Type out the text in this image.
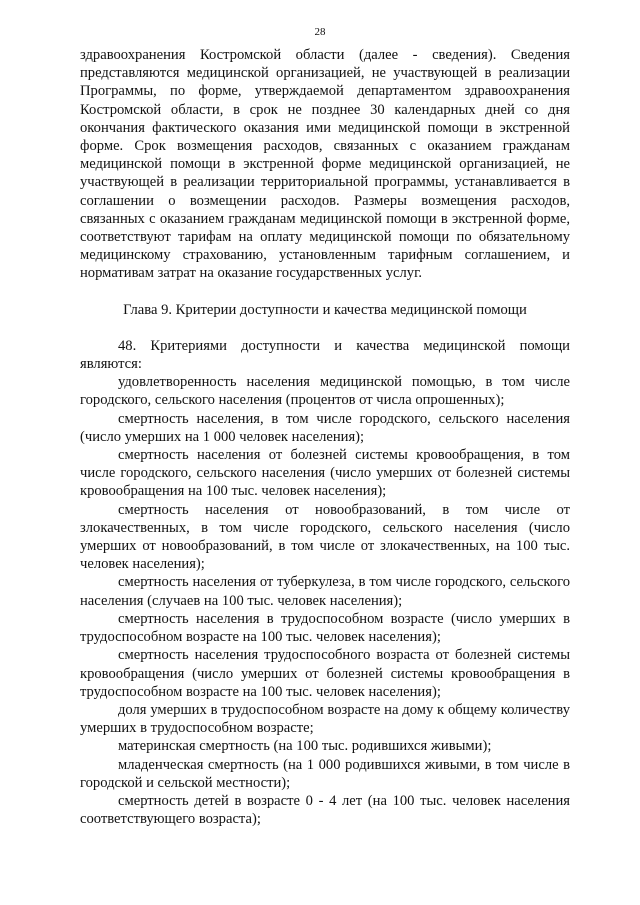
28

здравоохранения Костромской области (далее - сведения). Сведения представляются медицинской организацией, не участвующей в реализации Программы, по форме, утверждаемой департаментом здравоохранения Костромской области, в срок не позднее 30 календарных дней со дня окончания фактического оказания ими медицинской помощи в экстренной форме. Срок возмещения расходов, связанных с оказанием гражданам медицинской помощи в экстренной форме медицинской организацией, не участвующей в реализации территориальной программы, устанавливается в соглашении о возмещении расходов. Размеры возмещения расходов, связанных с оказанием гражданам медицинской помощи в экстренной форме, соответствуют тарифам на оплату медицинской помощи по обязательному медицинскому страхованию, установленным тарифным соглашением, и нормативам затрат на оказание государственных услуг.

Глава 9. Критерии доступности и качества медицинской помощи

48. Критериями доступности и качества медицинской помощи являются:

удовлетворенность населения медицинской помощью, в том числе городского, сельского населения (процентов от числа опрошенных);

смертность населения, в том числе городского, сельского населения (число умерших на 1 000 человек населения);

смертность населения от болезней системы кровообращения, в том числе городского, сельского населения (число умерших от болезней системы кровообращения на 100 тыс. человек населения);

смертность населения от новообразований, в том числе от злокачественных, в том числе городского, сельского населения (число умерших от новообразований, в том числе от злокачественных, на 100 тыс. человек населения);

смертность населения от туберкулеза, в том числе городского, сельского населения (случаев на 100 тыс. человек населения);

смертность населения в трудоспособном возрасте (число умерших в трудоспособном возрасте на 100 тыс. человек населения);

смертность населения трудоспособного возраста от болезней системы кровообращения (число умерших от болезней системы кровообращения в трудоспособном возрасте на 100 тыс. человек населения);

доля умерших в трудоспособном возрасте на дому к общему количеству умерших в трудоспособном возрасте;

материнская смертность (на 100 тыс. родившихся живыми);

младенческая смертность (на 1 000 родившихся живыми, в том числе в городской и сельской местности);

смертность детей в возрасте 0 - 4 лет (на 100 тыс. человек населения соответствующего возраста);
